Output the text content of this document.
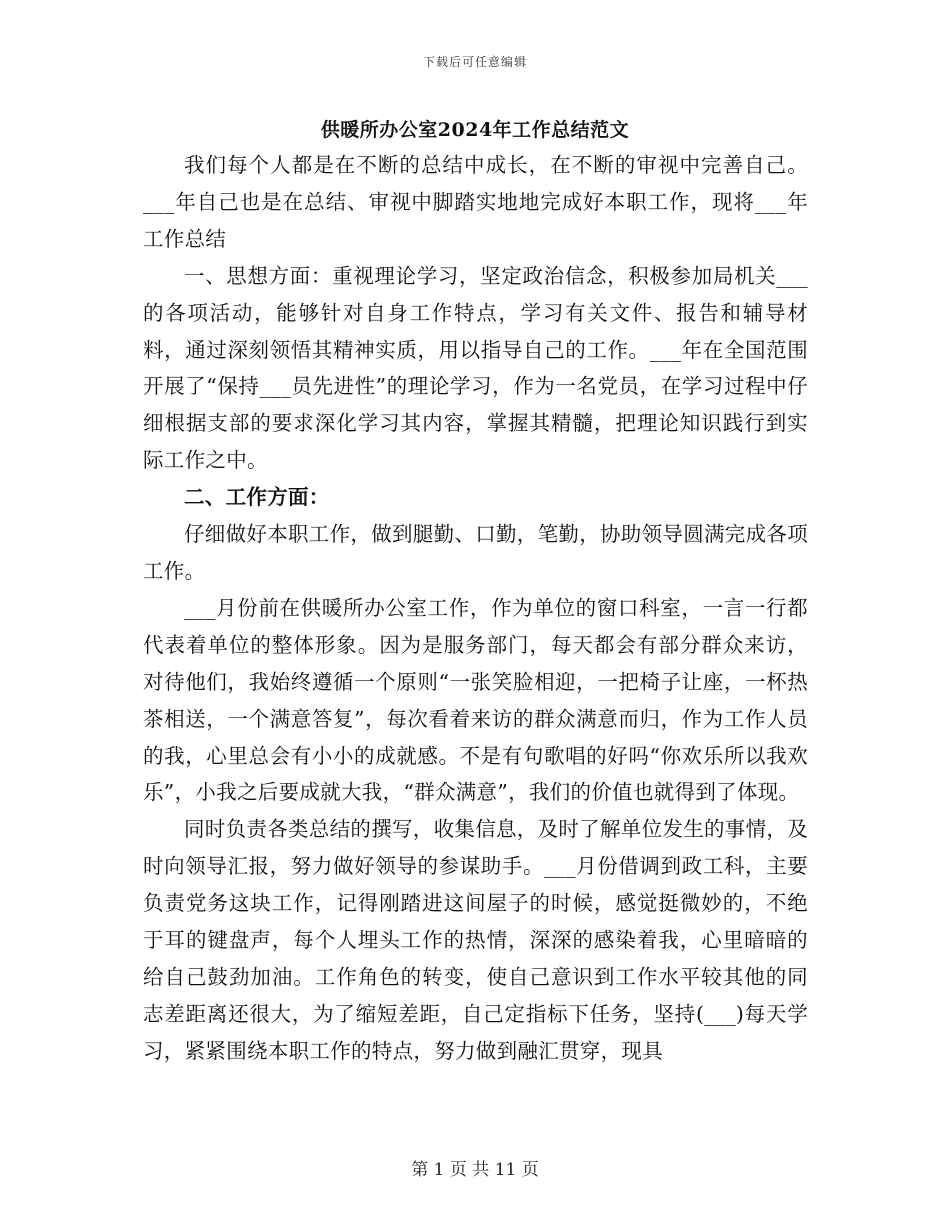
下载后可任意编辑
供暖所办公室2024年工作总结范文

我们每个人都是在不断的总结中成长，在不断的审视中完善自己。___年自己也是在总结、审视中脚踏实地地完成好本职工作，现将___年工作总结

一、思想方面：重视理论学习，坚定政治信念，积极参加局机关___的各项活动，能够针对自身工作特点，学习有关文件、报告和辅导材料，通过深刻领悟其精神实质，用以指导自己的工作。___年在全国范围开展了“保持___员先进性”的理论学习，作为一名党员，在学习过程中仔细根据支部的要求深化学习其内容，掌握其精髓，把理论知识践行到实际工作之中。

二、工作方面：

仔细做好本职工作，做到腿勤、口勤，笔勤，协助领导圆满完成各项工作。

___月份前在供暖所办公室工作，作为单位的窗口科室，一言一行都代表着单位的整体形象。因为是服务部门，每天都会有部分群众来访，对待他们，我始终遵循一个原则“一张笑脸相迎，一把椅子让座，一杯热茶相送，一个满意答复”，每次看着来访的群众满意而归，作为工作人员的我，心里总会有小小的成就感。不是有句歌唱的好吗“你欢乐所以我欢乐”，小我之后要成就大我，“群众满意”，我们的价值也就得到了体现。

同时负责各类总结的撰写，收集信息，及时了解单位发生的事情，及时向领导汇报，努力做好领导的参谋助手。___月份借调到政工科，主要负责党务这块工作，记得刚踏进这间屋子的时候，感觉挺微妙的，不绝于耳的键盘声，每个人埋头工作的热情，深深的感染着我，心里暗暗的给自己鼓劲加油。工作角色的转变，使自己意识到工作水平较其他的同志差距离还很大，为了缩短差距，自己定指标下任务，坚持(___)每天学习，紧紧围绕本职工作的特点，努力做到融汇贯穿，现具

第 1 页 共 11 页
